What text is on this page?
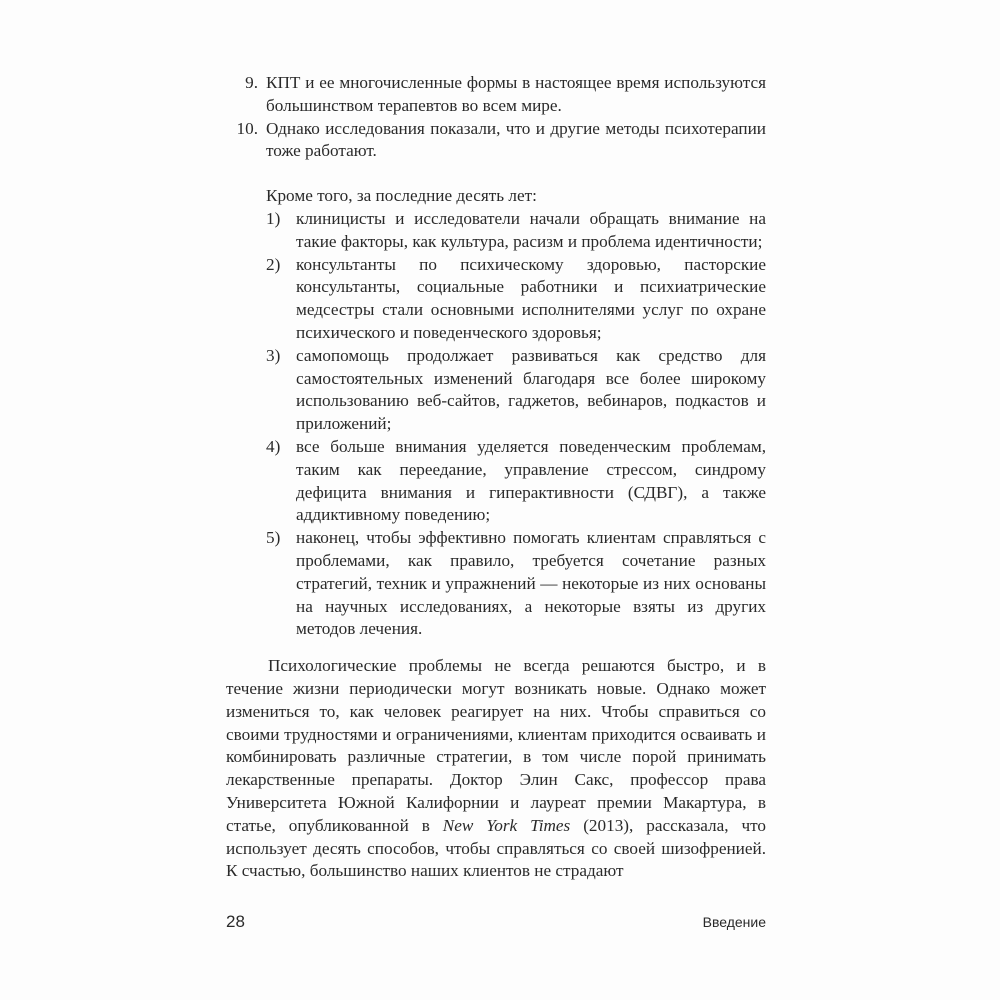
9. КПТ и ее многочисленные формы в настоящее время используются большинством терапевтов во всем мире.

10. Однако исследования показали, что и другие методы психотерапии тоже работают.

Кроме того, за последние десять лет:

1) клиницисты и исследователи начали обращать внимание на такие факторы, как культура, расизм и проблема идентичности;

2) консультанты по психическому здоровью, пасторские консультанты, социальные работники и психиатрические медсестры стали основными исполнителями услуг по охране психического и поведенческого здоровья;

3) самопомощь продолжает развиваться как средство для самостоятельных изменений благодаря все более широкому использованию веб-сайтов, гаджетов, вебинаров, подкастов и приложений;

4) все больше внимания уделяется поведенческим проблемам, таким как переедание, управление стрессом, синдрому дефицита внимания и гиперактивности (СДВГ), а также аддиктивному поведению;

5) наконец, чтобы эффективно помогать клиентам справляться с проблемами, как правило, требуется сочетание разных стратегий, техник и упражнений — некоторые из них основаны на научных исследованиях, а некоторые взяты из других методов лечения.

Психологические проблемы не всегда решаются быстро, и в течение жизни периодически могут возникать новые. Однако может измениться то, как человек реагирует на них. Чтобы справиться со своими трудностями и ограничениями, клиентам приходится осваивать и комбинировать различные стратегии, в том числе порой принимать лекарственные препараты. Доктор Элин Сакс, профессор права Университета Южной Калифорнии и лауреат премии Макартура, в статье, опубликованной в New York Times (2013), рассказала, что использует десять способов, чтобы справляться со своей шизофренией. К счастью, большинство наших клиентов не страдают

28	Введение
